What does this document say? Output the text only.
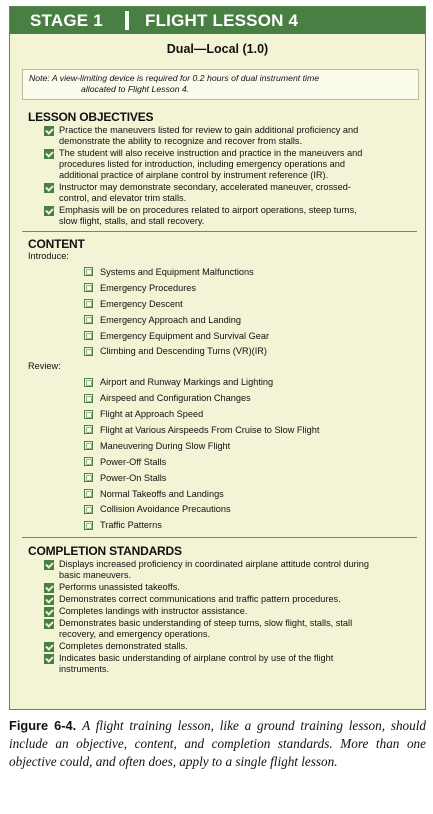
STAGE 1	FLIGHT LESSON 4
Dual—Local (1.0)
Note: A view-limiting device is required for 0.2 hours of dual instrument time
allocated to Flight Lesson 4.
LESSON OBJECTIVES
Practice the maneuvers listed for review to gain additional proficiency and
demonstrate the ability to recognize and recover from stalls.
The student will also receive instruction and practice in the maneuvers and
procedures listed for introduction, including emergency operations and
additional practice of airplane control by instrument reference (IR).
Instructor may demonstrate secondary, accelerated maneuver, crossed-
control, and elevator trim stalls.
Emphasis will be on procedures related to airport operations, steep turns,
slow flight, stalls, and stall recovery.
CONTENT
Introduce:
Systems and Equipment Malfunctions
Emergency Procedures
Emergency Descent
Emergency Approach and Landing
Emergency Equipment and Survival Gear
Climbing and Descending Turns (VR)(IR)
Review:
Airport and Runway Markings and Lighting
Airspeed and Configuration Changes
Flight at Approach Speed
Flight at Various Airspeeds From Cruise to Slow Flight
Maneuvering During Slow Flight
Power-Off Stalls
Power-On Stalls
Normal Takeoffs and Landings
Collision Avoidance Precautions
Traffic Patterns
COMPLETION STANDARDS
Displays increased proficiency in coordinated airplane attitude control during
basic maneuvers.
Performs unassisted takeoffs.
Demonstrates correct communications and traffic pattern procedures.
Completes landings with instructor assistance.
Demonstrates basic understanding of steep turns, slow flight, stalls, stall
recovery, and emergency operations.
Completes demonstrated stalls.
Indicates basic understanding of airplane control by use of the flight
instruments.
Figure 6-4. A flight training lesson, like a ground training lesson, should include an objective, content, and completion standards. More than one objective could, and often does, apply to a single flight lesson.
